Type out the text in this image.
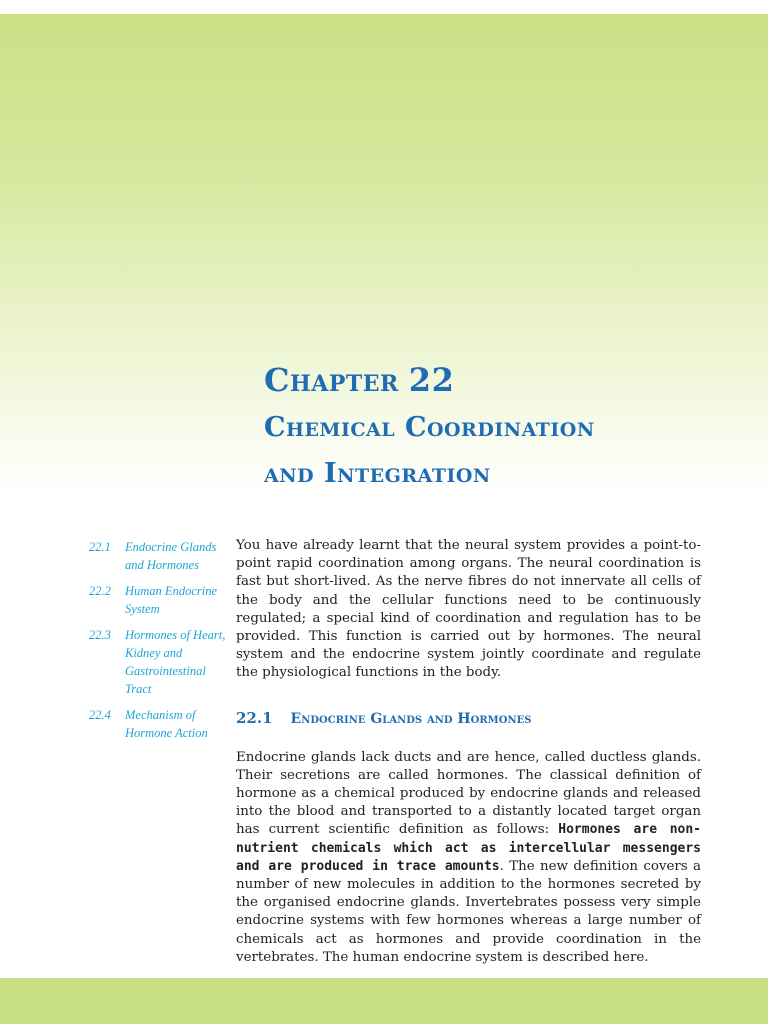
Chapter 22
Chemical Coordination
and Integration
22.1	Endocrine Glands and Hormones
22.2	Human Endocrine System
22.3	Hormones of Heart, Kidney and Gastrointestinal Tract
22.4	Mechanism of Hormone Action

You have already learnt that the neural system provides a point-to-point rapid coordination among organs. The neural coordination is fast but short-lived. As the nerve fibres do not innervate all cells of the body and the cellular functions need to be continuously regulated; a special kind of coordination and regulation has to be provided. This function is carried out by hormones. The neural system and the endocrine system jointly coordinate and regulate the physiological functions in the body.

22.1 Endocrine Glands and Hormones

Endocrine glands lack ducts and are hence, called ductless glands. Their secretions are called hormones. The classical definition of hormone as a chemical produced by endocrine glands and released into the blood and transported to a distantly located target organ has current scientific definition as follows: Hormones are non-nutrient chemicals which act as intercellular messengers and are produced in trace amounts. The new definition covers a number of new molecules in addition to the hormones secreted by the organised endocrine glands. Invertebrates possess very simple endocrine systems with few hormones whereas a large number of chemicals act as hormones and provide coordination in the vertebrates. The human endocrine system is described here.
